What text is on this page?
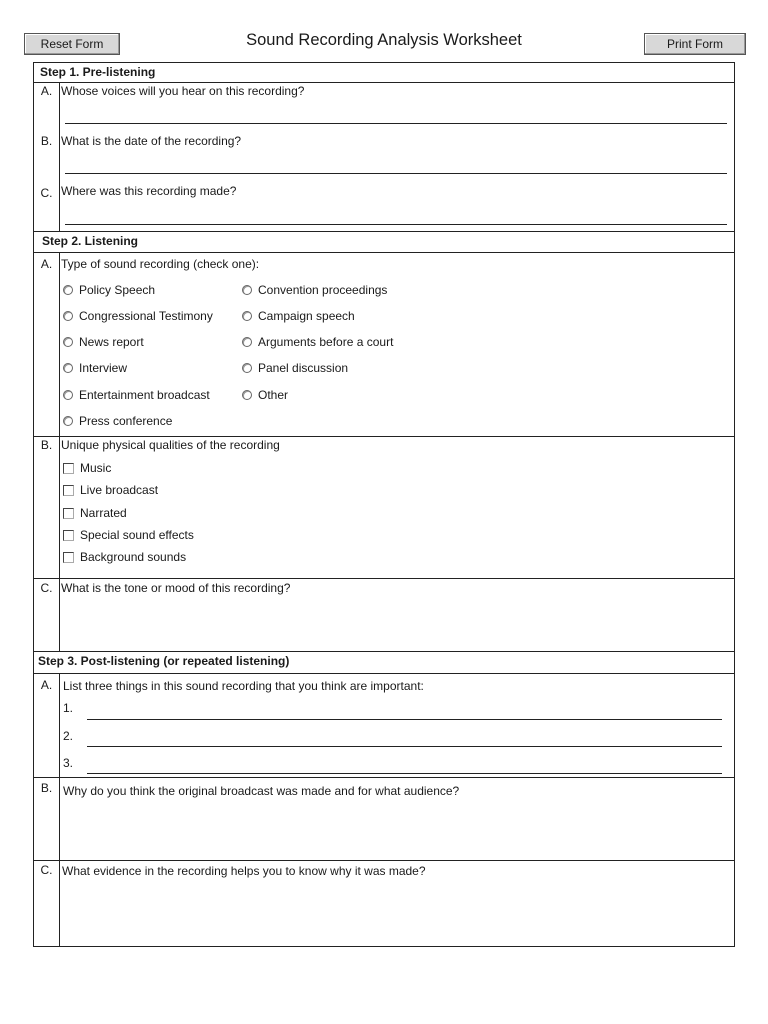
Reset Form	Sound Recording Analysis Worksheet	Print Form
Step 1. Pre-listening
A. Whose voices will you hear on this recording?
B. What is the date of the recording?
C. Where was this recording made?
Step 2. Listening
A. Type of sound recording (check one):
Policy Speech
Congressional Testimony
News report
Interview
Entertainment broadcast
Press conference
Convention proceedings
Campaign speech
Arguments before a court
Panel discussion
Other
B. Unique physical qualities of the recording
Music
Live broadcast
Narrated
Special sound effects
Background sounds
C. What is the tone or mood of this recording?
Step 3. Post-listening (or repeated listening)
A. List three things in this sound recording that you think are important:
1.
2.
3.
B. Why do you think the original broadcast was made and for what audience?
C. What evidence in the recording helps you to know why it was made?
